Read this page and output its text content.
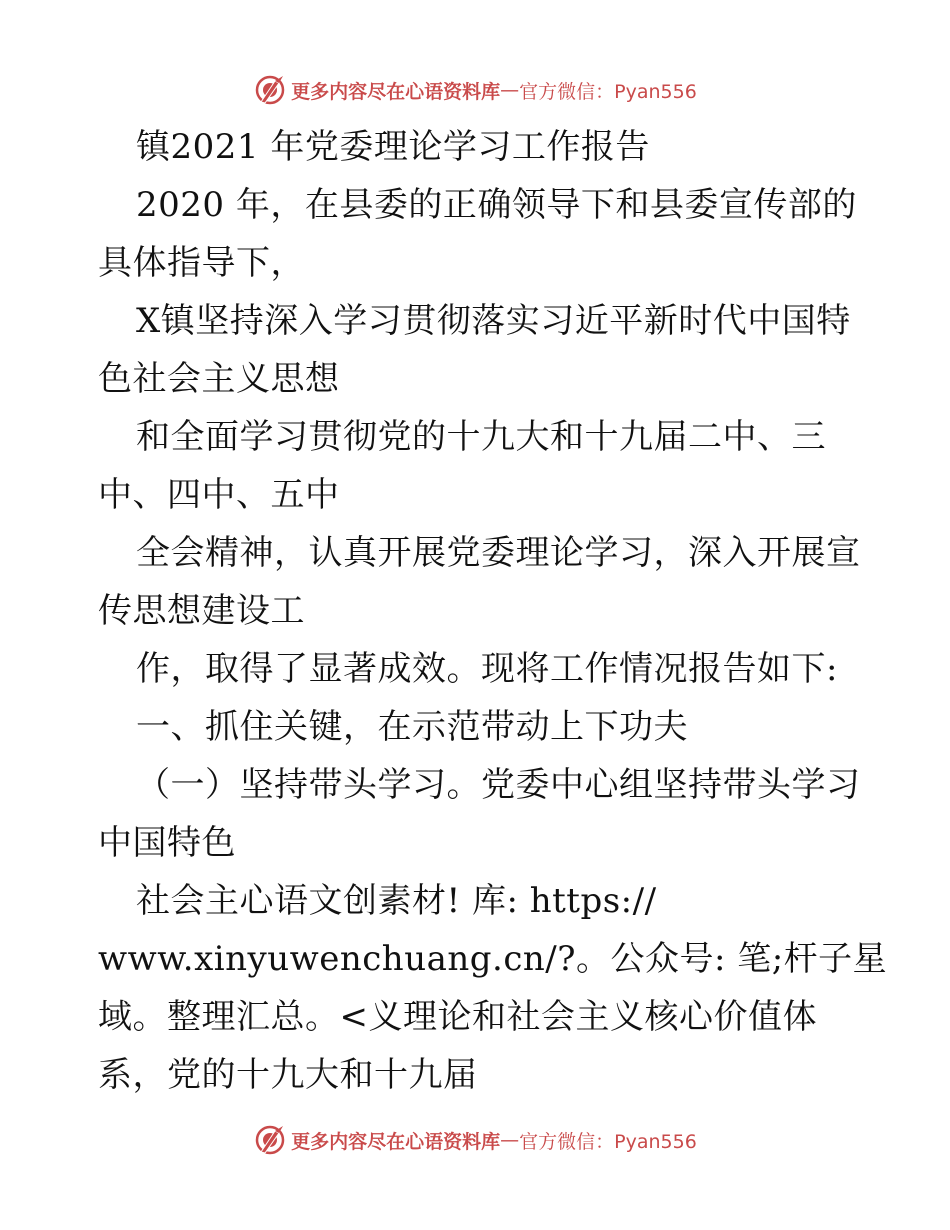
更多内容尽在心语资料库 — 官方微信：Pyan556
镇2021 年党委理论学习工作报告
2020 年，在县委的正确领导下和县委宣传部的
具体指导下，
X镇坚持深入学习贯彻落实习近平新时代中国特
色社会主义思想
和全面学习贯彻党的十九大和十九届二中、三
中、四中、五中
全会精神，认真开展党委理论学习，深入开展宣
传思想建设工
作，取得了显著成效。现将工作情况报告如下:
一、抓住关键，在示范带动上下功夫
（一）坚持带头学习。党委中心组坚持带头学习
中国特色
社会主心语文创素材! 库: https://
www.xinyuwenchuang.cn/?。公众号: 笔;杆子星
域。整理汇总。<义理论和社会主义核心价值体
系，党的十九大和十九届
更多内容尽在心语资料库 — 官方微信：Pyan556
